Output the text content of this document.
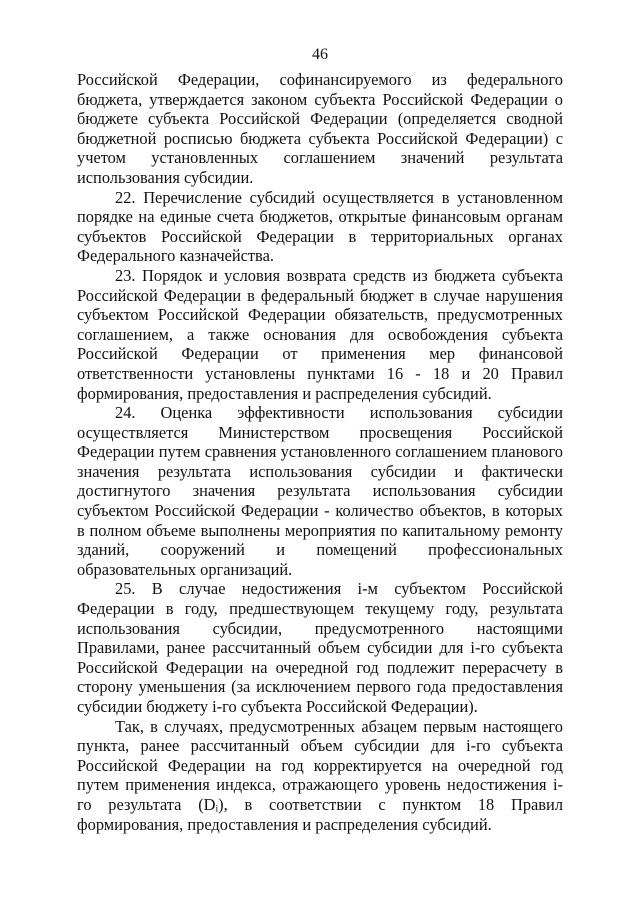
46

Российской Федерации, софинансируемого из федерального бюджета, утверждается законом субъекта Российской Федерации о бюджете субъекта Российской Федерации (определяется сводной бюджетной росписью бюджета субъекта Российской Федерации) с учетом установленных соглашением значений результата использования субсидии.

22. Перечисление субсидий осуществляется в установленном порядке на единые счета бюджетов, открытые финансовым органам субъектов Российской Федерации в территориальных органах Федерального казначейства.

23. Порядок и условия возврата средств из бюджета субъекта Российской Федерации в федеральный бюджет в случае нарушения субъектом Российской Федерации обязательств, предусмотренных соглашением, а также основания для освобождения субъекта Российской Федерации от применения мер финансовой ответственности установлены пунктами 16 - 18 и 20 Правил формирования, предоставления и распределения субсидий.

24. Оценка эффективности использования субсидии осуществляется Министерством просвещения Российской Федерации путем сравнения установленного соглашением планового значения результата использования субсидии и фактически достигнутого значения результата использования субсидии субъектом Российской Федерации - количество объектов, в которых в полном объеме выполнены мероприятия по капитальному ремонту зданий, сооружений и помещений профессиональных образовательных организаций.

25. В случае недостижения i-м субъектом Российской Федерации в году, предшествующем текущему году, результата использования субсидии, предусмотренного настоящими Правилами, ранее рассчитанный объем субсидии для i-го субъекта Российской Федерации на очередной год подлежит перерасчету в сторону уменьшения (за исключением первого года предоставления субсидии бюджету i-го субъекта Российской Федерации).

Так, в случаях, предусмотренных абзацем первым настоящего пункта, ранее рассчитанный объем субсидии для i-го субъекта Российской Федерации на год корректируется на очередной год путем применения индекса, отражающего уровень недостижения i-го результата (Dᵢ), в соответствии с пунктом 18 Правил формирования, предоставления и распределения субсидий.
